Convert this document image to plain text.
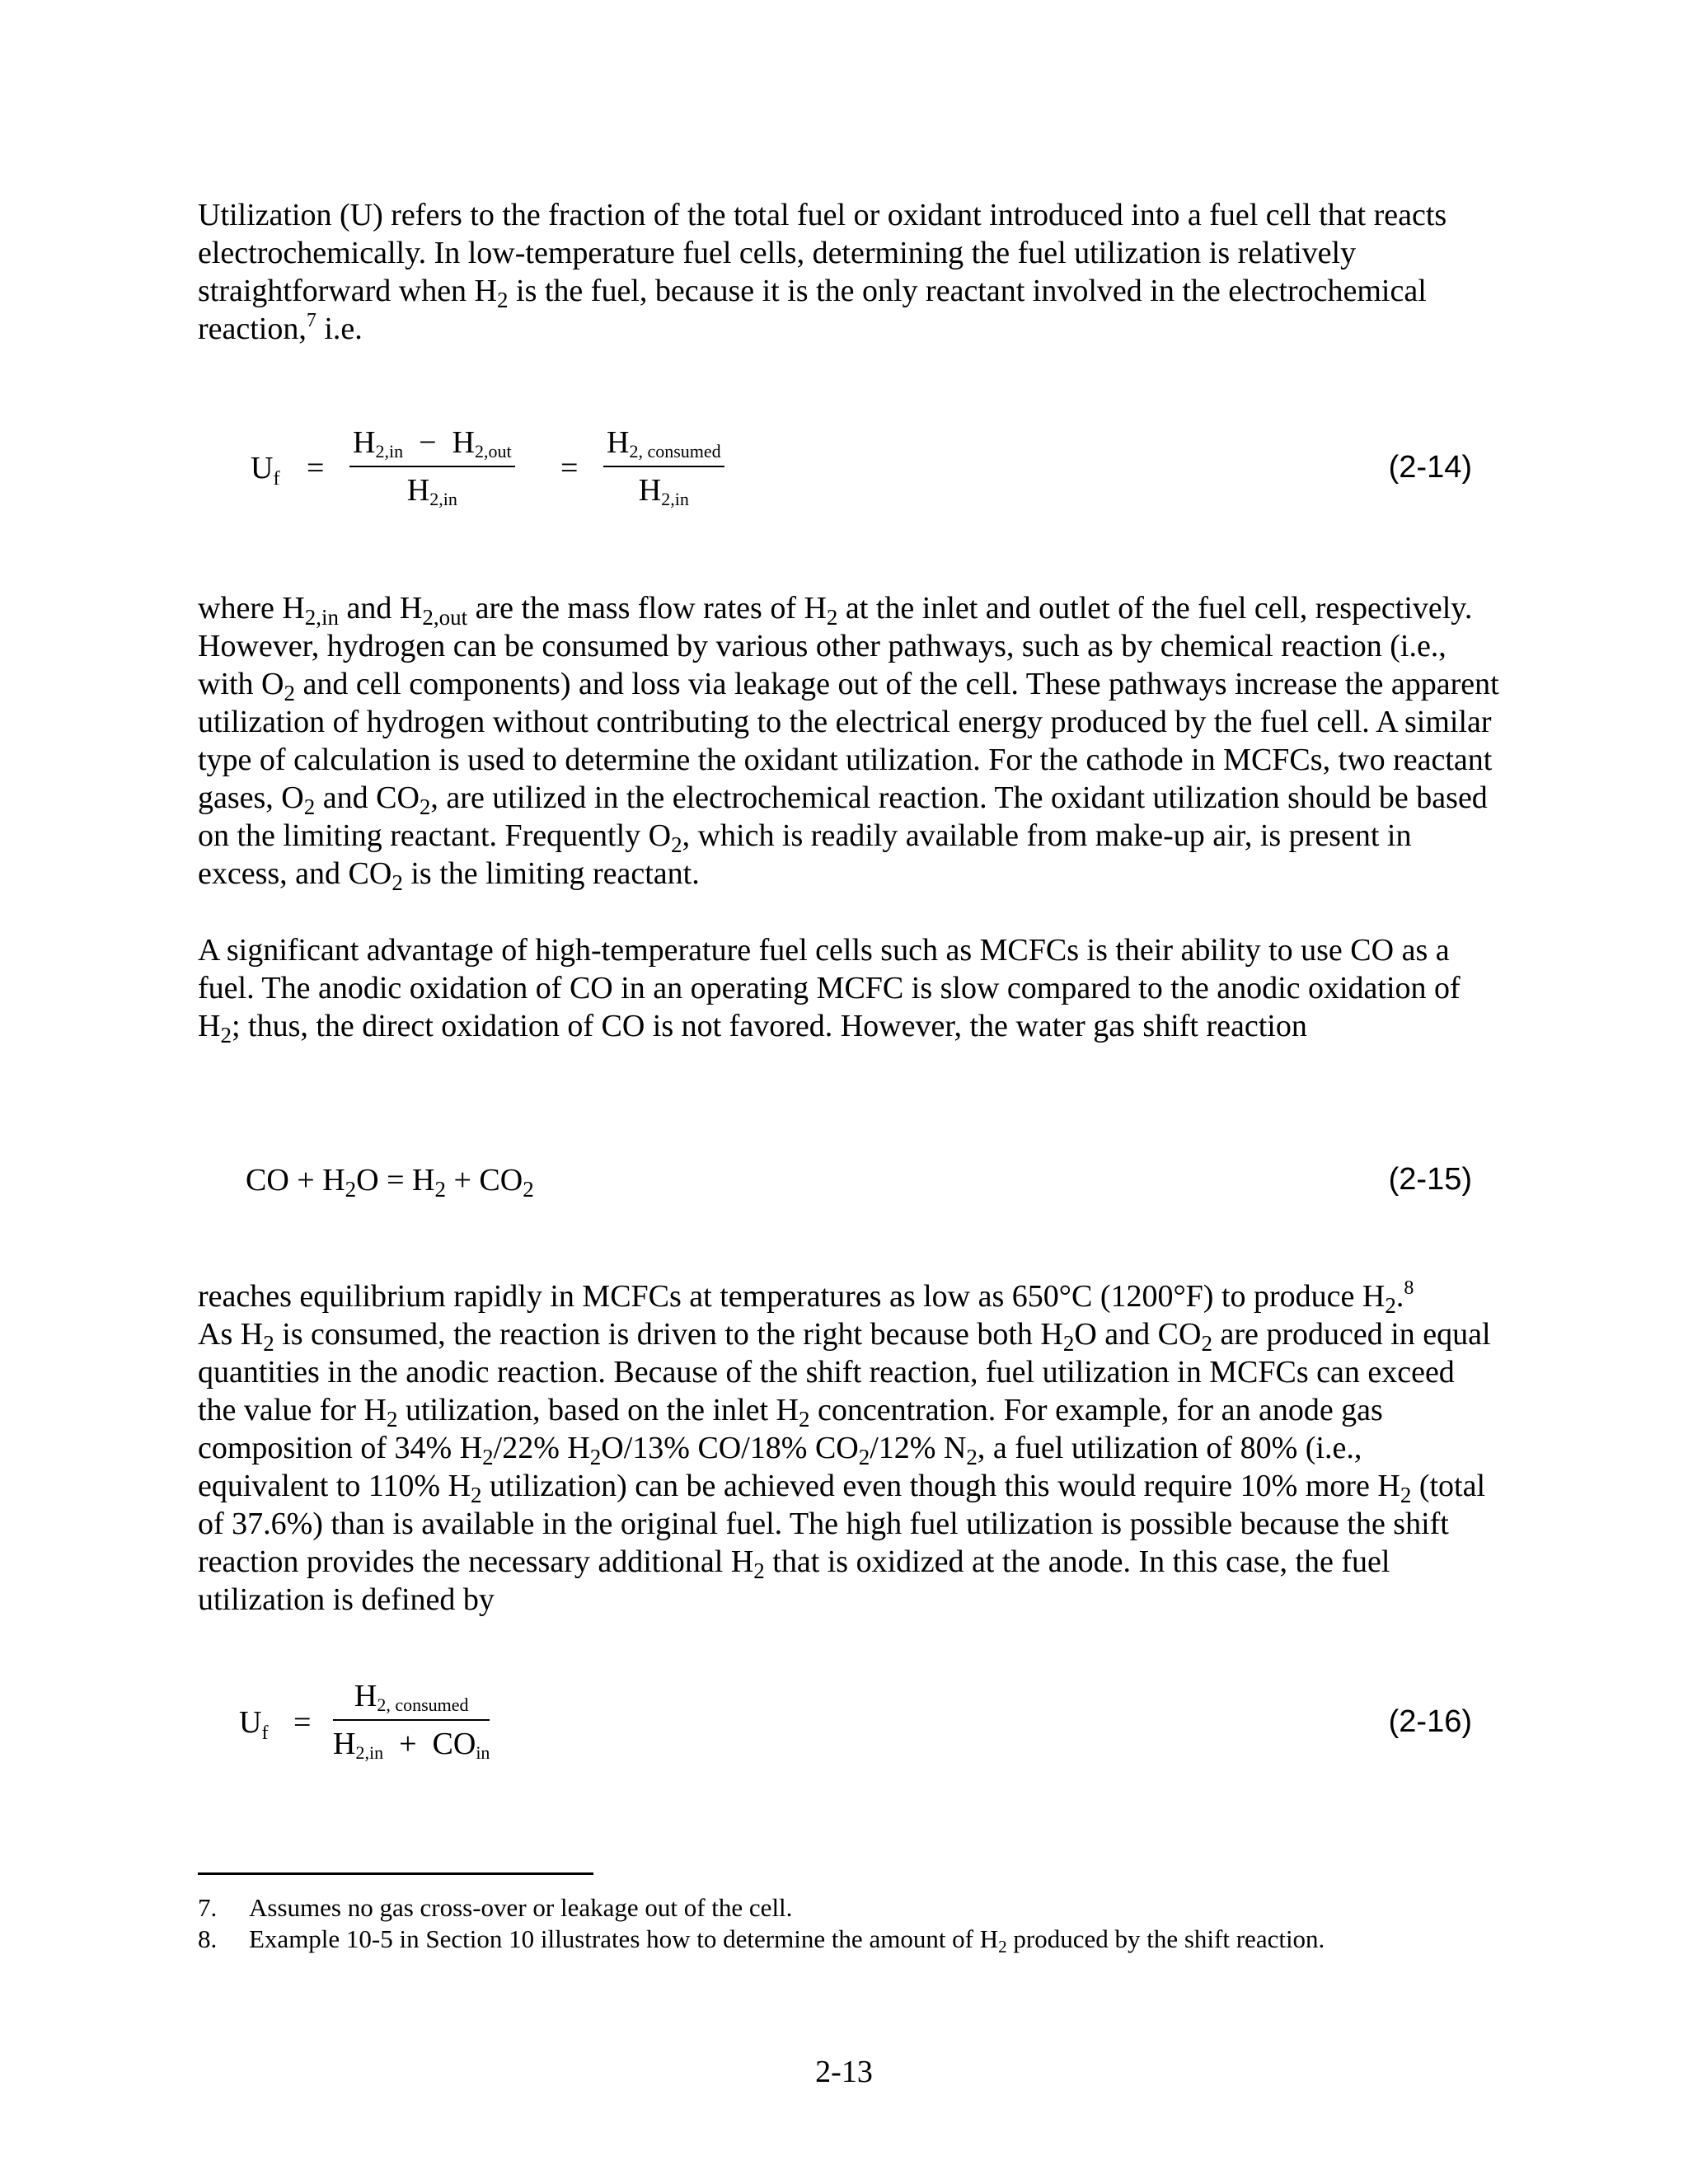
Utilization (U) refers to the fraction of the total fuel or oxidant introduced into a fuel cell that reacts electrochemically. In low-temperature fuel cells, determining the fuel utilization is relatively straightforward when $H_2$ is the fuel, because it is the only reactant involved in the electrochemical reaction,$^7$ i.e.

$U_f$ =
$H_{2,in} - H_{2,out}$
$H_{2,in}$
=
$H_{2, consumed}$
$H_{2,in}$
(2-14)

where $H_{2,in}$ and $H_{2,out}$ are the mass flow rates of $H_2$ at the inlet and outlet of the fuel cell, respectively. However, hydrogen can be consumed by various other pathways, such as by chemical reaction (i.e., with $O_2$ and cell components) and loss via leakage out of the cell. These pathways increase the apparent utilization of hydrogen without contributing to the electrical energy produced by the fuel cell. A similar type of calculation is used to determine the oxidant utilization. For the cathode in MCFCs, two reactant gases, $O_2$ and $CO_2$, are utilized in the electrochemical reaction. The oxidant utilization should be based on the limiting reactant. Frequently $O_2$, which is readily available from make-up air, is present in excess, and $CO_2$ is the limiting reactant.

A significant advantage of high-temperature fuel cells such as MCFCs is their ability to use CO as a fuel. The anodic oxidation of CO in an operating MCFC is slow compared to the anodic oxidation of $H_2$; thus, the direct oxidation of CO is not favored. However, the water gas shift reaction

CO + $H_2O = H_2 + CO_2$	(2-15)

reaches equilibrium rapidly in MCFCs at temperatures as low as 650°C (1200°F) to produce $H_2.^8$
As $H_2$ is consumed, the reaction is driven to the right because both $H_2O$ and $CO_2$ are produced in equal quantities in the anodic reaction. Because of the shift reaction, fuel utilization in MCFCs can exceed the value for $H_2$ utilization, based on the inlet $H_2$ concentration. For example, for an anode gas composition of 34% $H_2/22\%$ $H_2O/13\%$ CO/18% $CO_2/12\%$ $N_2$, a fuel utilization of 80% (i.e., equivalent to 110% $H_2$ utilization) can be achieved even though this would require 10% more $H_2$ (total of 37.6%) than is available in the original fuel. The high fuel utilization is possible because the shift reaction provides the necessary additional $H_2$ that is oxidized at the anode. In this case, the fuel utilization is defined by

$U_f$ =
$H_{2, consumed}$
$H_{2,in} + CO_{in}$
(2-16)
7. Assumes no gas cross-over or leakage out of the cell.
8. Example 10-5 in Section 10 illustrates how to determine the amount of $H_2$ produced by the shift reaction.
2-13
